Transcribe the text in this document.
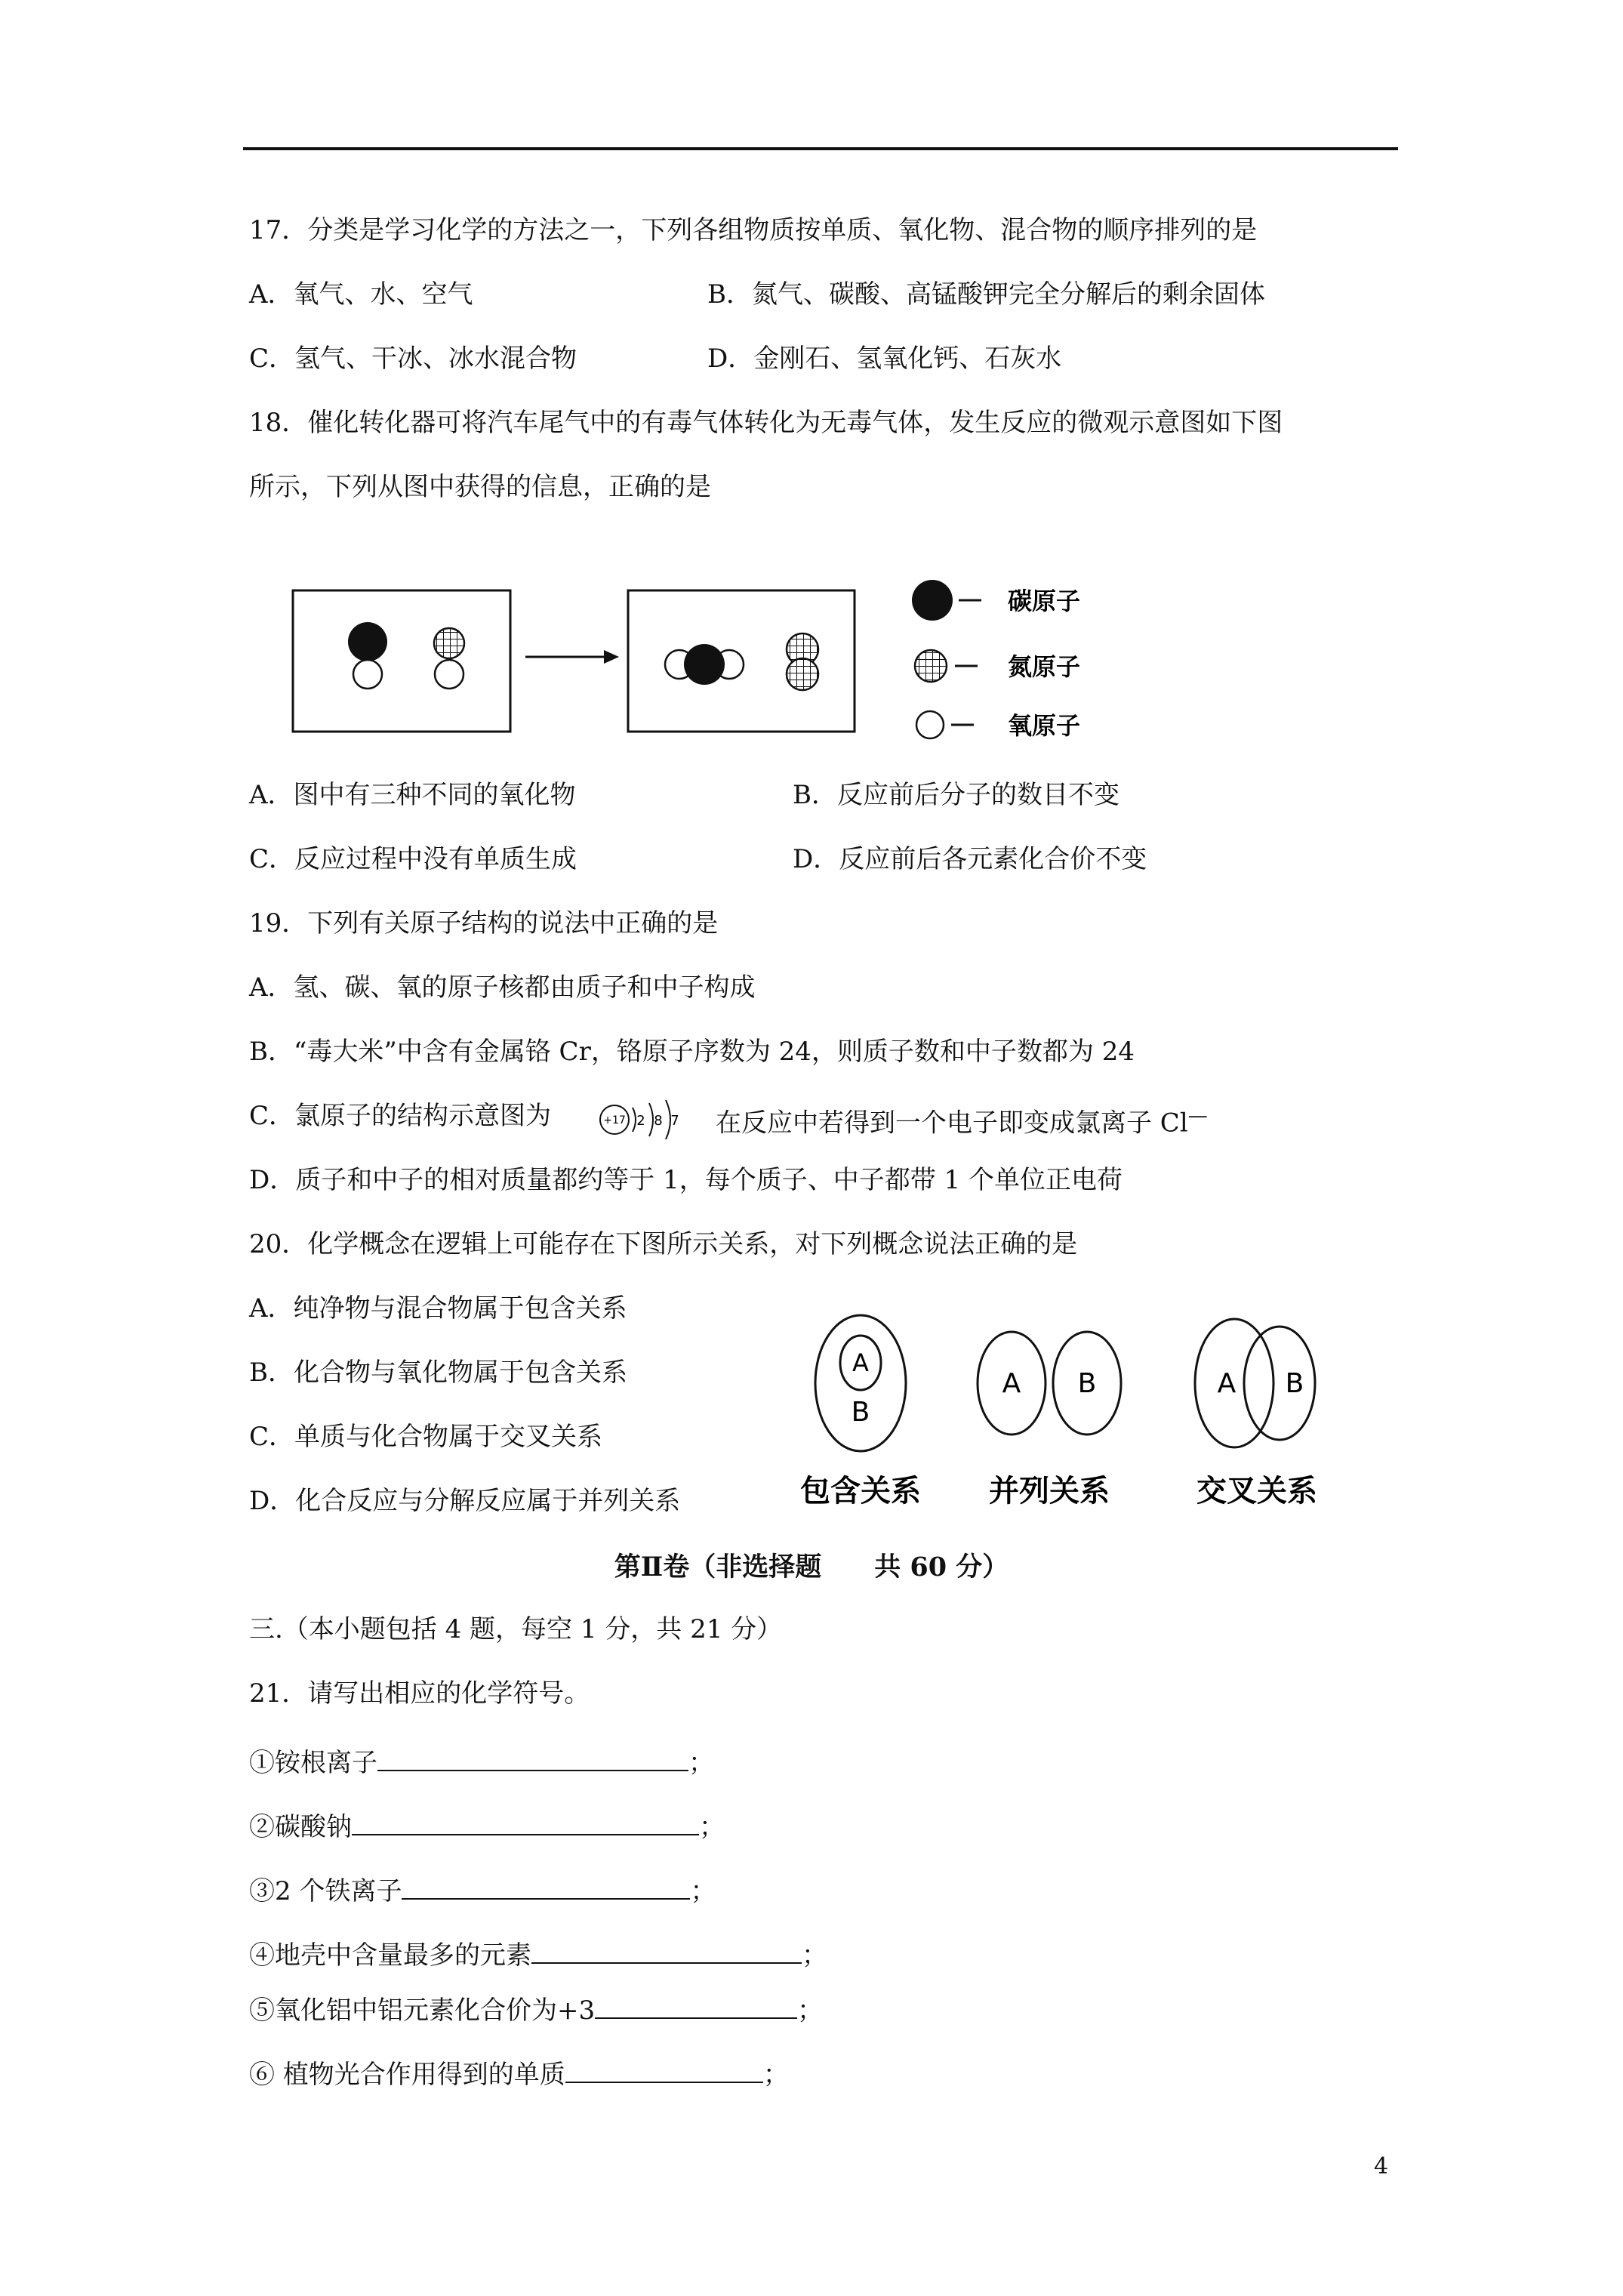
17．分类是学习化学的方法之一，下列各组物质按单质、氧化物、混合物的顺序排列的是
A．氧气、水、空气	B．氮气、碳酸、高锰酸钾完全分解后的剩余固体
C．氢气、干冰、冰水混合物	D．金刚石、氢氧化钙、石灰水
18．催化转化器可将汽车尾气中的有毒气体转化为无毒气体，发生反应的微观示意图如下图
所示，下列从图中获得的信息，正确的是
碳原子
氮原子
氧原子
A．图中有三种不同的氧化物	B．反应前后分子的数目不变
C．反应过程中没有单质生成	D．反应前后各元素化合价不变
19．下列有关原子结构的说法中正确的是
A．氢、碳、氧的原子核都由质子和中子构成
B．“毒大米”中含有金属铬 Cr，铬原子序数为 24，则质子数和中子数都为 24
C．氯原子的结构示意图为	+17 2 8 7 在反应中若得到一个电子即变成氯离子 Cl—
D．质子和中子的相对质量都约等于 1，每个质子、中子都带 1 个单位正电荷
20．化学概念在逻辑上可能存在下图所示关系，对下列概念说法正确的是
A．纯净物与混合物属于包含关系
B．化合物与氧化物属于包含关系
C．单质与化合物属于交叉关系
D．化合反应与分解反应属于并列关系
A
B
包含关系
A B
并列关系
A B
交叉关系
第Ⅱ卷（非选择题　　共 60 分）
三.（本小题包括 4 题，每空 1 分，共 21 分）
21．请写出相应的化学符号。
①铵根离子	；
②碳酸钠	；
③2 个铁离子	；
④地壳中含量最多的元素	；
⑤氧化铝中铝元素化合价为+3	；
⑥ 植物光合作用得到的单质	；
4
